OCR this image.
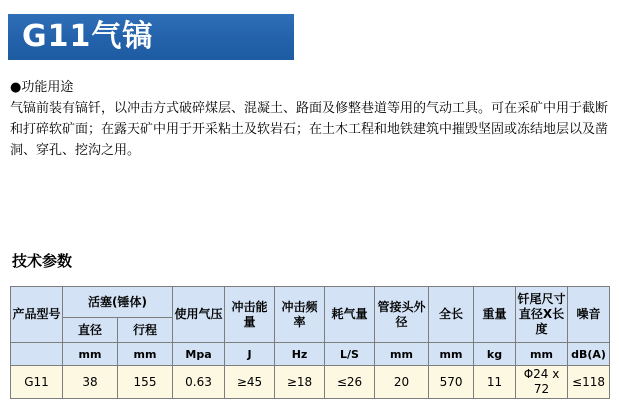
G11气镐
●功能用途
气镐前装有镐钎，以冲击方式破碎煤层、混凝土、路面及修整巷道等用的气动工具。可在采矿中用于截断和打碎软矿面；在露天矿中用于开采粘土及软岩石；在土木工程和地铁建筑中摧毁坚固或冻结地层以及凿洞、穿孔、挖沟之用。
技术参数
产品型号	活塞(锤体)		使用气压	冲击能量	冲击频率	耗气量	管接头外径	全长	重量	钎尾尺寸直径X长度	噪音
	直径	行程									
	mm	mm	Mpa	J	Hz	L/S	mm	mm	kg	mm	dB(A)
G11	38	155	0.63	≥45	≥18	≤26	20	570	11	Φ24 x 72	≤118
